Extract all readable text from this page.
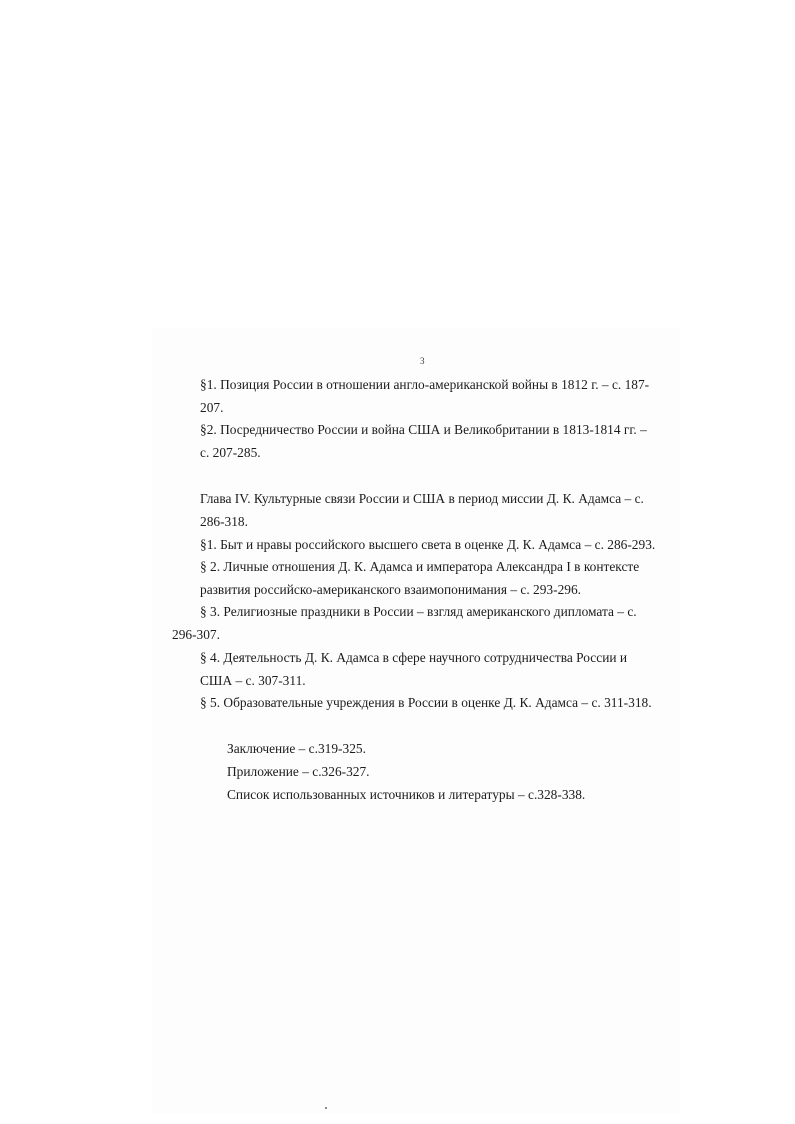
3
§1. Позиция России в отношении англо-американской войны в 1812 г. – с. 187-
207.
§2. Посредничество России и война США и Великобритании в 1813-1814 гг. –
с. 207-285.
Глава IV. Культурные связи России и США в период миссии Д. К. Адамса – с.
286-318.
§1. Быт и нравы российского высшего света в оценке Д. К. Адамса – с. 286-293.
§ 2. Личные отношения Д. К. Адамса и императора Александра I в контексте
развития российско-американского взаимопонимания – с. 293-296.
§ 3. Религиозные праздники в России – взгляд американского дипломата – с.
296-307.
§ 4. Деятельность Д. К. Адамса в сфере научного сотрудничества России и
США – с. 307-311.
§ 5. Образовательные учреждения в России в оценке Д. К. Адамса – с. 311-318.
Заключение – с.319-325.
Приложение – с.326-327.
Список использованных источников и литературы – с.328-338.
